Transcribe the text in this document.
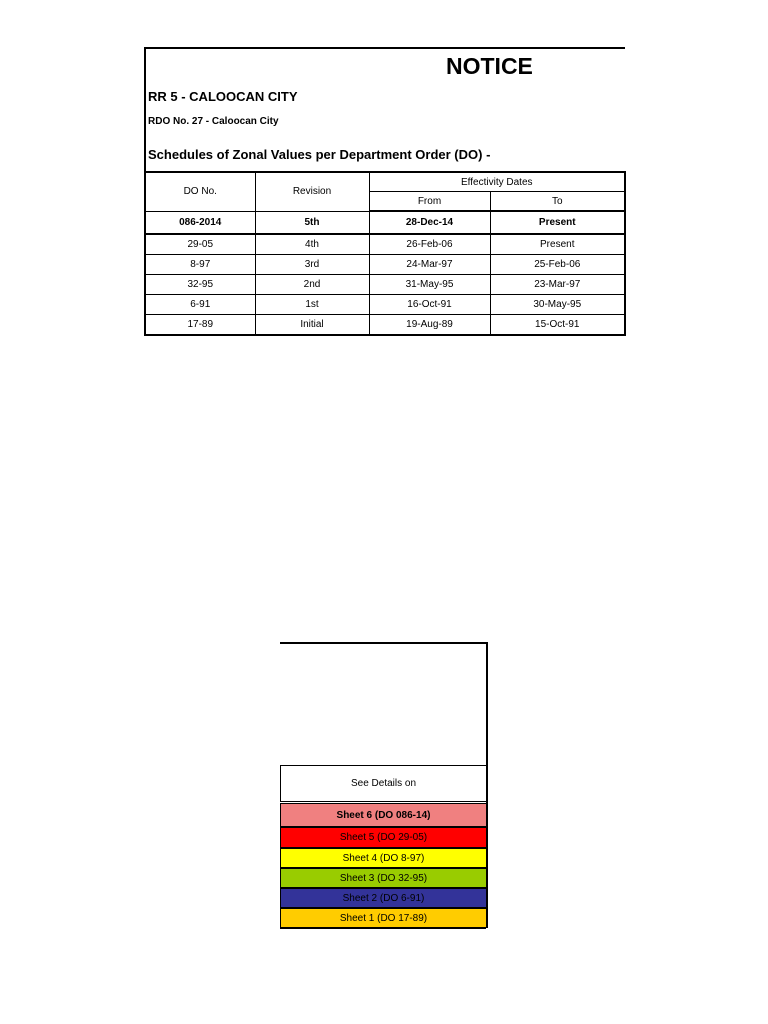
NOTICE
RR 5 - CALOOCAN CITY
RDO No. 27 - Caloocan City
Schedules of Zonal Values per Department Order (DO) -
DO No.	Revision	Effectivity Dates	
		From	To
086-2014	5th	28-Dec-14	Present
29-05	4th	26-Feb-06	Present
8-97	3rd	24-Mar-97	25-Feb-06
32-95	2nd	31-May-95	23-Mar-97
6-91	1st	16-Oct-91	30-May-95
17-89	Initial	19-Aug-89	15-Oct-91
See Details on
Sheet 6 (DO 086-14)
Sheet 5 (DO 29-05)
Sheet 4 (DO 8-97)
Sheet 3 (DO 32-95)
Sheet 2 (DO 6-91)
Sheet 1 (DO 17-89)
